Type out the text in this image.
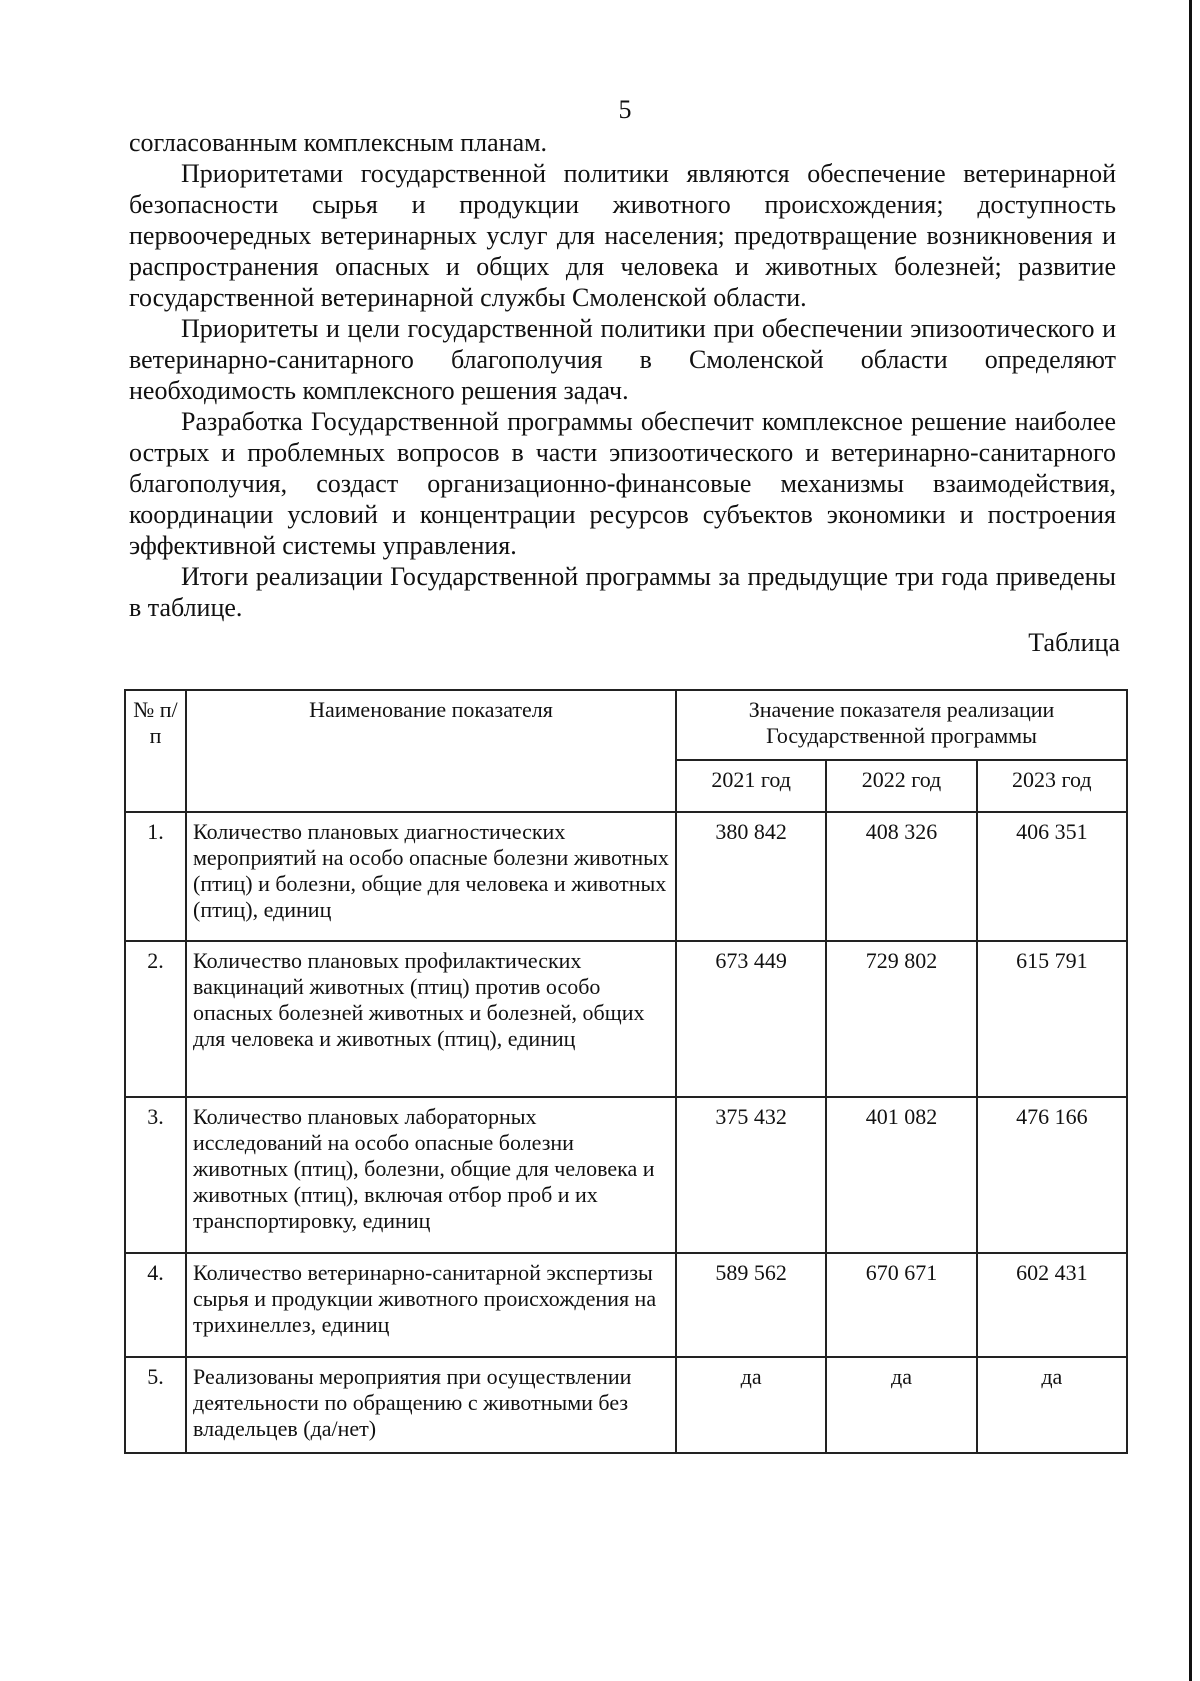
5

согласованным комплексным планам.

Приоритетами государственной политики являются обеспечение ветеринарной безопасности сырья и продукции животного происхождения; доступность первоочередных ветеринарных услуг для населения; предотвращение возникновения и распространения опасных и общих для человека и животных болезней; развитие государственной ветеринарной службы Смоленской области.

Приоритеты и цели государственной политики при обеспечении эпизоотического и ветеринарно-санитарного благополучия в Смоленской области определяют необходимость комплексного решения задач.

Разработка Государственной программы обеспечит комплексное решение наиболее острых и проблемных вопросов в части эпизоотического и ветеринарно-санитарного благополучия, создаст организационно-финансовые механизмы взаимодействия, координации условий и концентрации ресурсов субъектов экономики и построения эффективной системы управления.

Итоги реализации Государственной программы за предыдущие три года приведены в таблице.

Таблица
№ п/п	Наименование показателя	Значение показателя реализации Государственной программы		
		2021 год	2022 год	2023 год
1.	Количество плановых диагностических мероприятий на особо опасные болезни животных (птиц) и болезни, общие для человека и животных (птиц), единиц	380 842	408 326	406 351
2.	Количество плановых профилактических вакцинаций животных (птиц) против особо опасных болезней животных и болезней, общих для человека и животных (птиц), единиц	673 449	729 802	615 791
3.	Количество плановых лабораторных исследований на особо опасные болезни животных (птиц), болезни, общие для человека и животных (птиц), включая отбор проб и их транспортировку, единиц	375 432	401 082	476 166
4.	Количество ветеринарно-санитарной экспертизы сырья и продукции животного происхождения на трихинеллез, единиц	589 562	670 671	602 431
5.	Реализованы мероприятия при осуществлении деятельности по обращению с животными без владельцев (да/нет)	да	да	да
